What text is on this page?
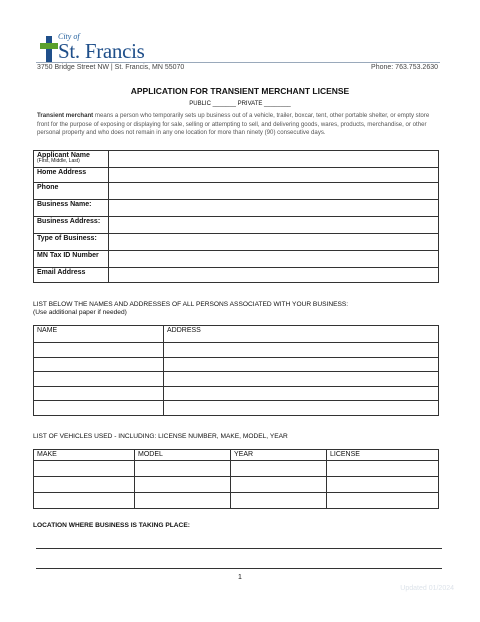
City of
St. Francis
3750 Bridge Street NW | St. Francis, MN 55070	Phone: 763.753.2630
APPLICATION FOR TRANSIENT MERCHANT LICENSE
PUBLIC _______ PRIVATE ________
Transient merchant means a person who temporarily sets up business out of a vehicle, trailer, boxcar, tent, other portable shelter, or empty store front for the purpose of exposing or displaying for sale, selling or attempting to sell, and delivering goods, wares, products, merchandise, or other personal property and who does not remain in any one location for more than ninety (90) consecutive days.
Applicant Name
(First, Middle, Last)	

Home Address	
Phone	
Business Name:	
Business Address:	
Type of Business:	
MN Tax ID Number	
Email Address	
LIST BELOW THE NAMES AND ADDRESSES OF ALL PERSONS ASSOCIATED WITH YOUR BUSINESS:
(Use additional paper if needed)
NAME	ADDRESS

LIST OF VEHICLES USED - INCLUDING: LICENSE NUMBER, MAKE, MODEL, YEAR
MAKE	MODEL	YEAR	LICENSE

LOCATION WHERE BUSINESS IS TAKING PLACE:
1
Updated 01/2024
